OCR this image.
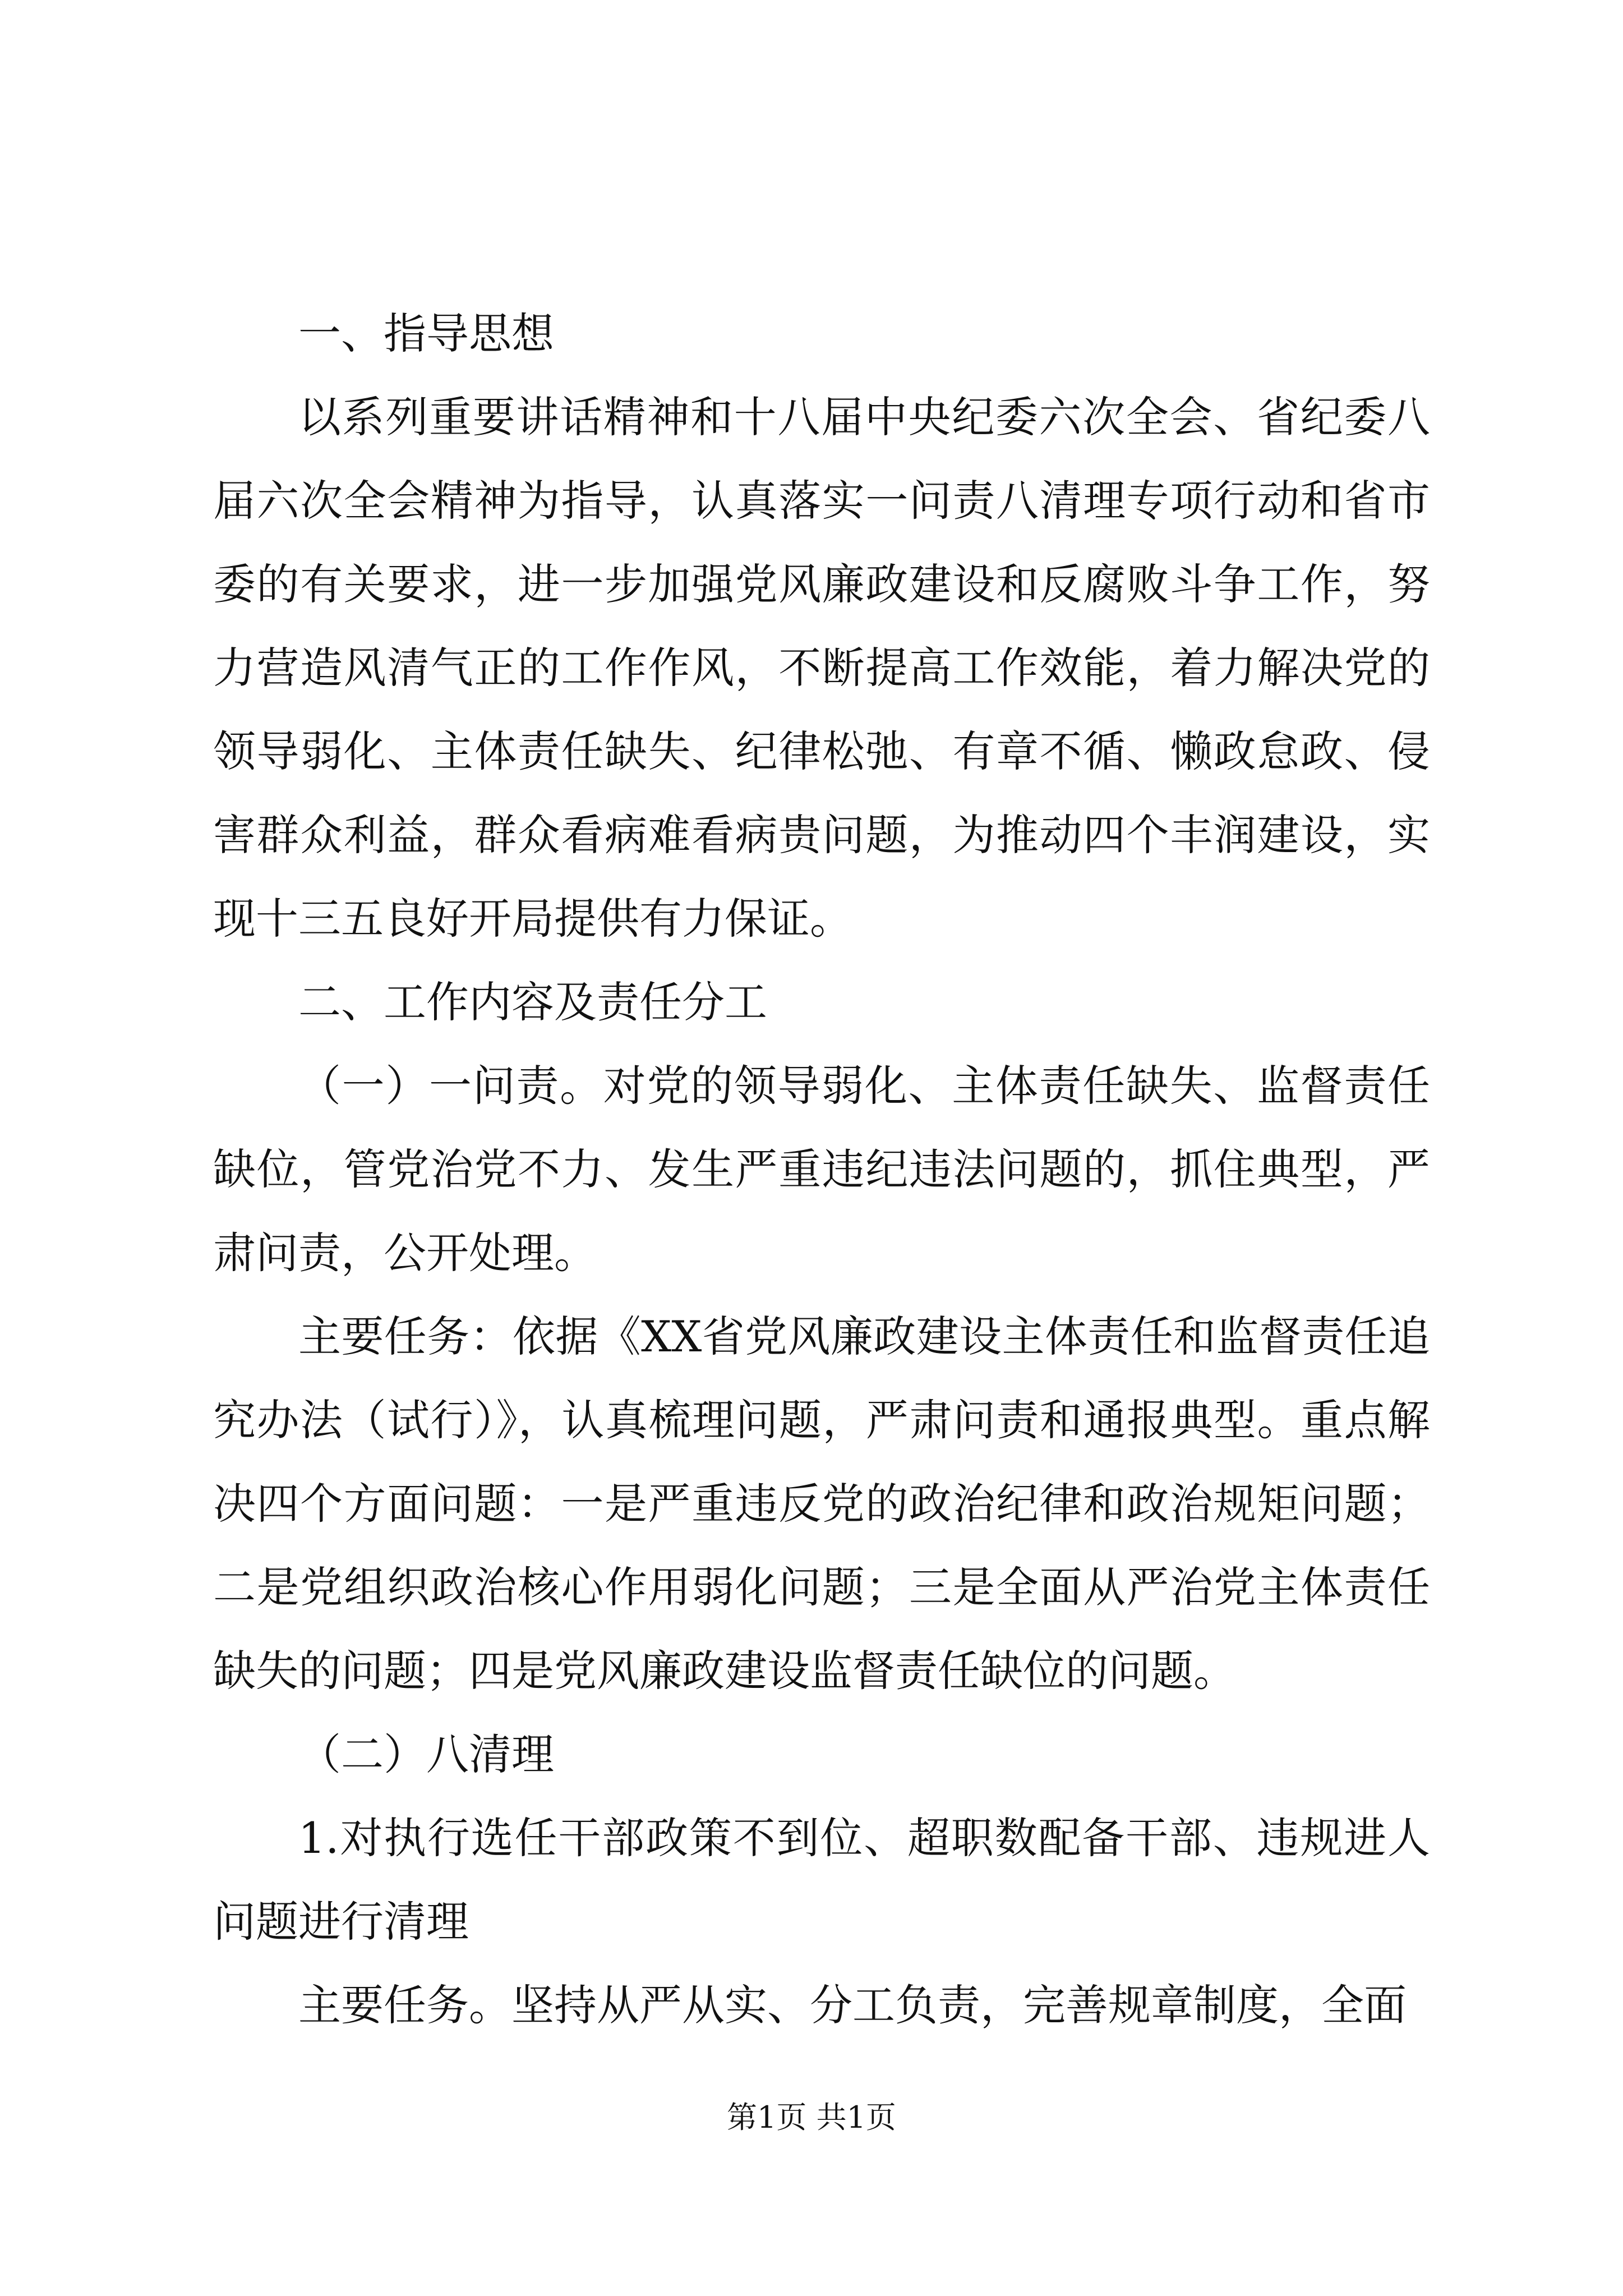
一、指导思想

以系列重要讲话精神和十八届中央纪委六次全会、省纪委八届六次全会精神为指导，认真落实一问责八清理专项行动和省市委的有关要求，进一步加强党风廉政建设和反腐败斗争工作，努力营造风清气正的工作作风，不断提高工作效能，着力解决党的领导弱化、主体责任缺失、纪律松弛、有章不循、懒政怠政、侵害群众利益，群众看病难看病贵问题，为推动四个丰润建设，实现十三五良好开局提供有力保证。

二、工作内容及责任分工

（一）一问责。对党的领导弱化、主体责任缺失、监督责任缺位，管党治党不力、发生严重违纪违法问题的，抓住典型，严肃问责，公开处理。

主要任务：依据《XX省党风廉政建设主体责任和监督责任追究办法（试行）》，认真梳理问题，严肃问责和通报典型。重点解决四个方面问题：一是严重违反党的政治纪律和政治规矩问题；二是党组织政治核心作用弱化问题；三是全面从严治党主体责任缺失的问题；四是党风廉政建设监督责任缺位的问题。

（二）八清理

1.对执行选任干部政策不到位、超职数配备干部、违规进人问题进行清理

主要任务。坚持从严从实、分工负责，完善规章制度，全面

第1页 共1页
